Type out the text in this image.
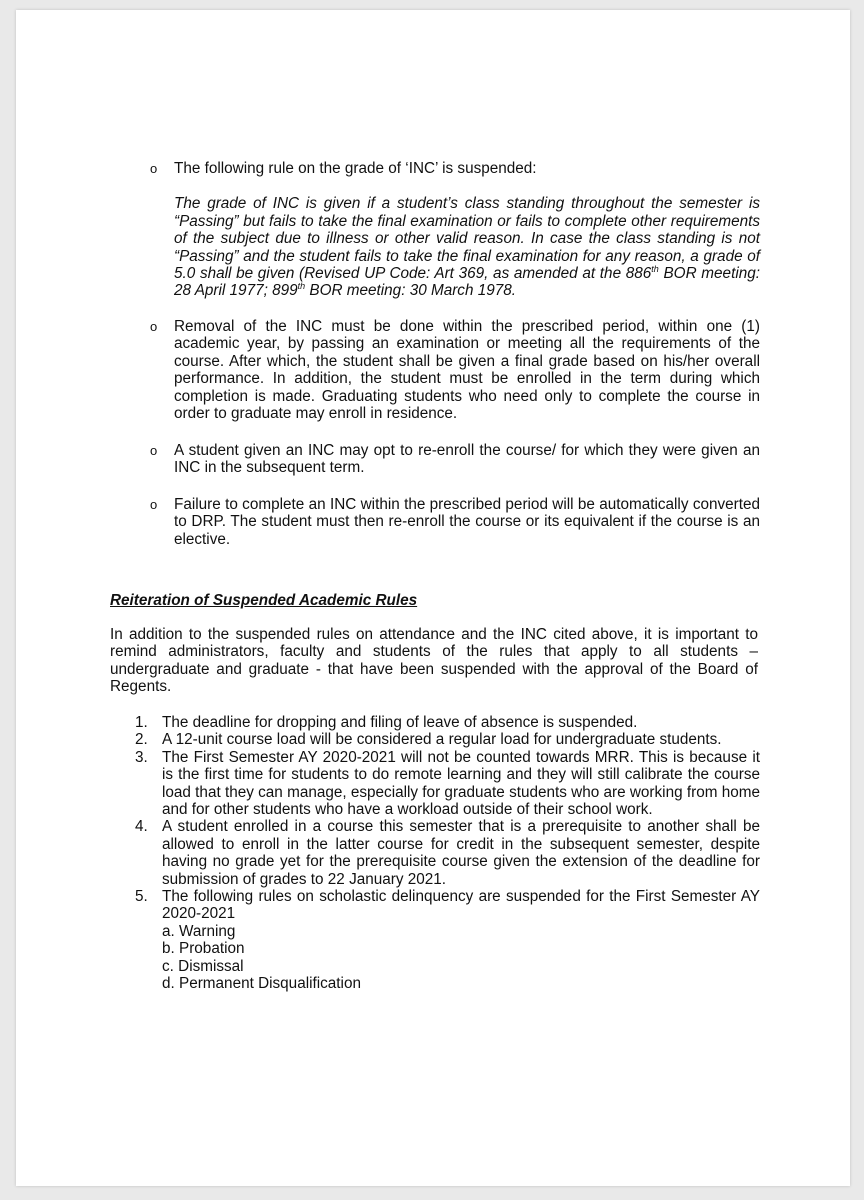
o The following rule on the grade of ‘INC’ is suspended:
The grade of INC is given if a student’s class standing throughout the semester is “Passing” but fails to take the final examination or fails to complete other requirements of the subject due to illness or other valid reason. In case the class standing is not “Passing” and the student fails to take the final examination for any reason, a grade of 5.0 shall be given (Revised UP Code: Art 369, as amended at the 886th BOR meeting: 28 April 1977; 899th BOR meeting: 30 March 1978.
o Removal of the INC must be done within the prescribed period, within one (1) academic year, by passing an examination or meeting all the requirements of the course. After which, the student shall be given a final grade based on his/her overall performance. In addition, the student must be enrolled in the term during which completion is made. Graduating students who need only to complete the course in order to graduate may enroll in residence.
o A student given an INC may opt to re-enroll the course/ for which they were given an INC in the subsequent term.
o Failure to complete an INC within the prescribed period will be automatically converted to DRP. The student must then re-enroll the course or its equivalent if the course is an elective.
Reiteration of Suspended Academic Rules
In addition to the suspended rules on attendance and the INC cited above, it is important to remind administrators, faculty and students of the rules that apply to all students – undergraduate and graduate - that have been suspended with the approval of the Board of Regents.
1. The deadline for dropping and filing of leave of absence is suspended.
2. A 12-unit course load will be considered a regular load for undergraduate students.
3. The First Semester AY 2020-2021 will not be counted towards MRR. This is because it is the first time for students to do remote learning and they will still calibrate the course load that they can manage, especially for graduate students who are working from home and for other students who have a workload outside of their school work.
4. A student enrolled in a course this semester that is a prerequisite to another shall be allowed to enroll in the latter course for credit in the subsequent semester, despite having no grade yet for the prerequisite course given the extension of the deadline for submission of grades to 22 January 2021.
5. The following rules on scholastic delinquency are suspended for the First Semester AY 2020-2021
a. Warning
b. Probation
c. Dismissal
d. Permanent Disqualification
